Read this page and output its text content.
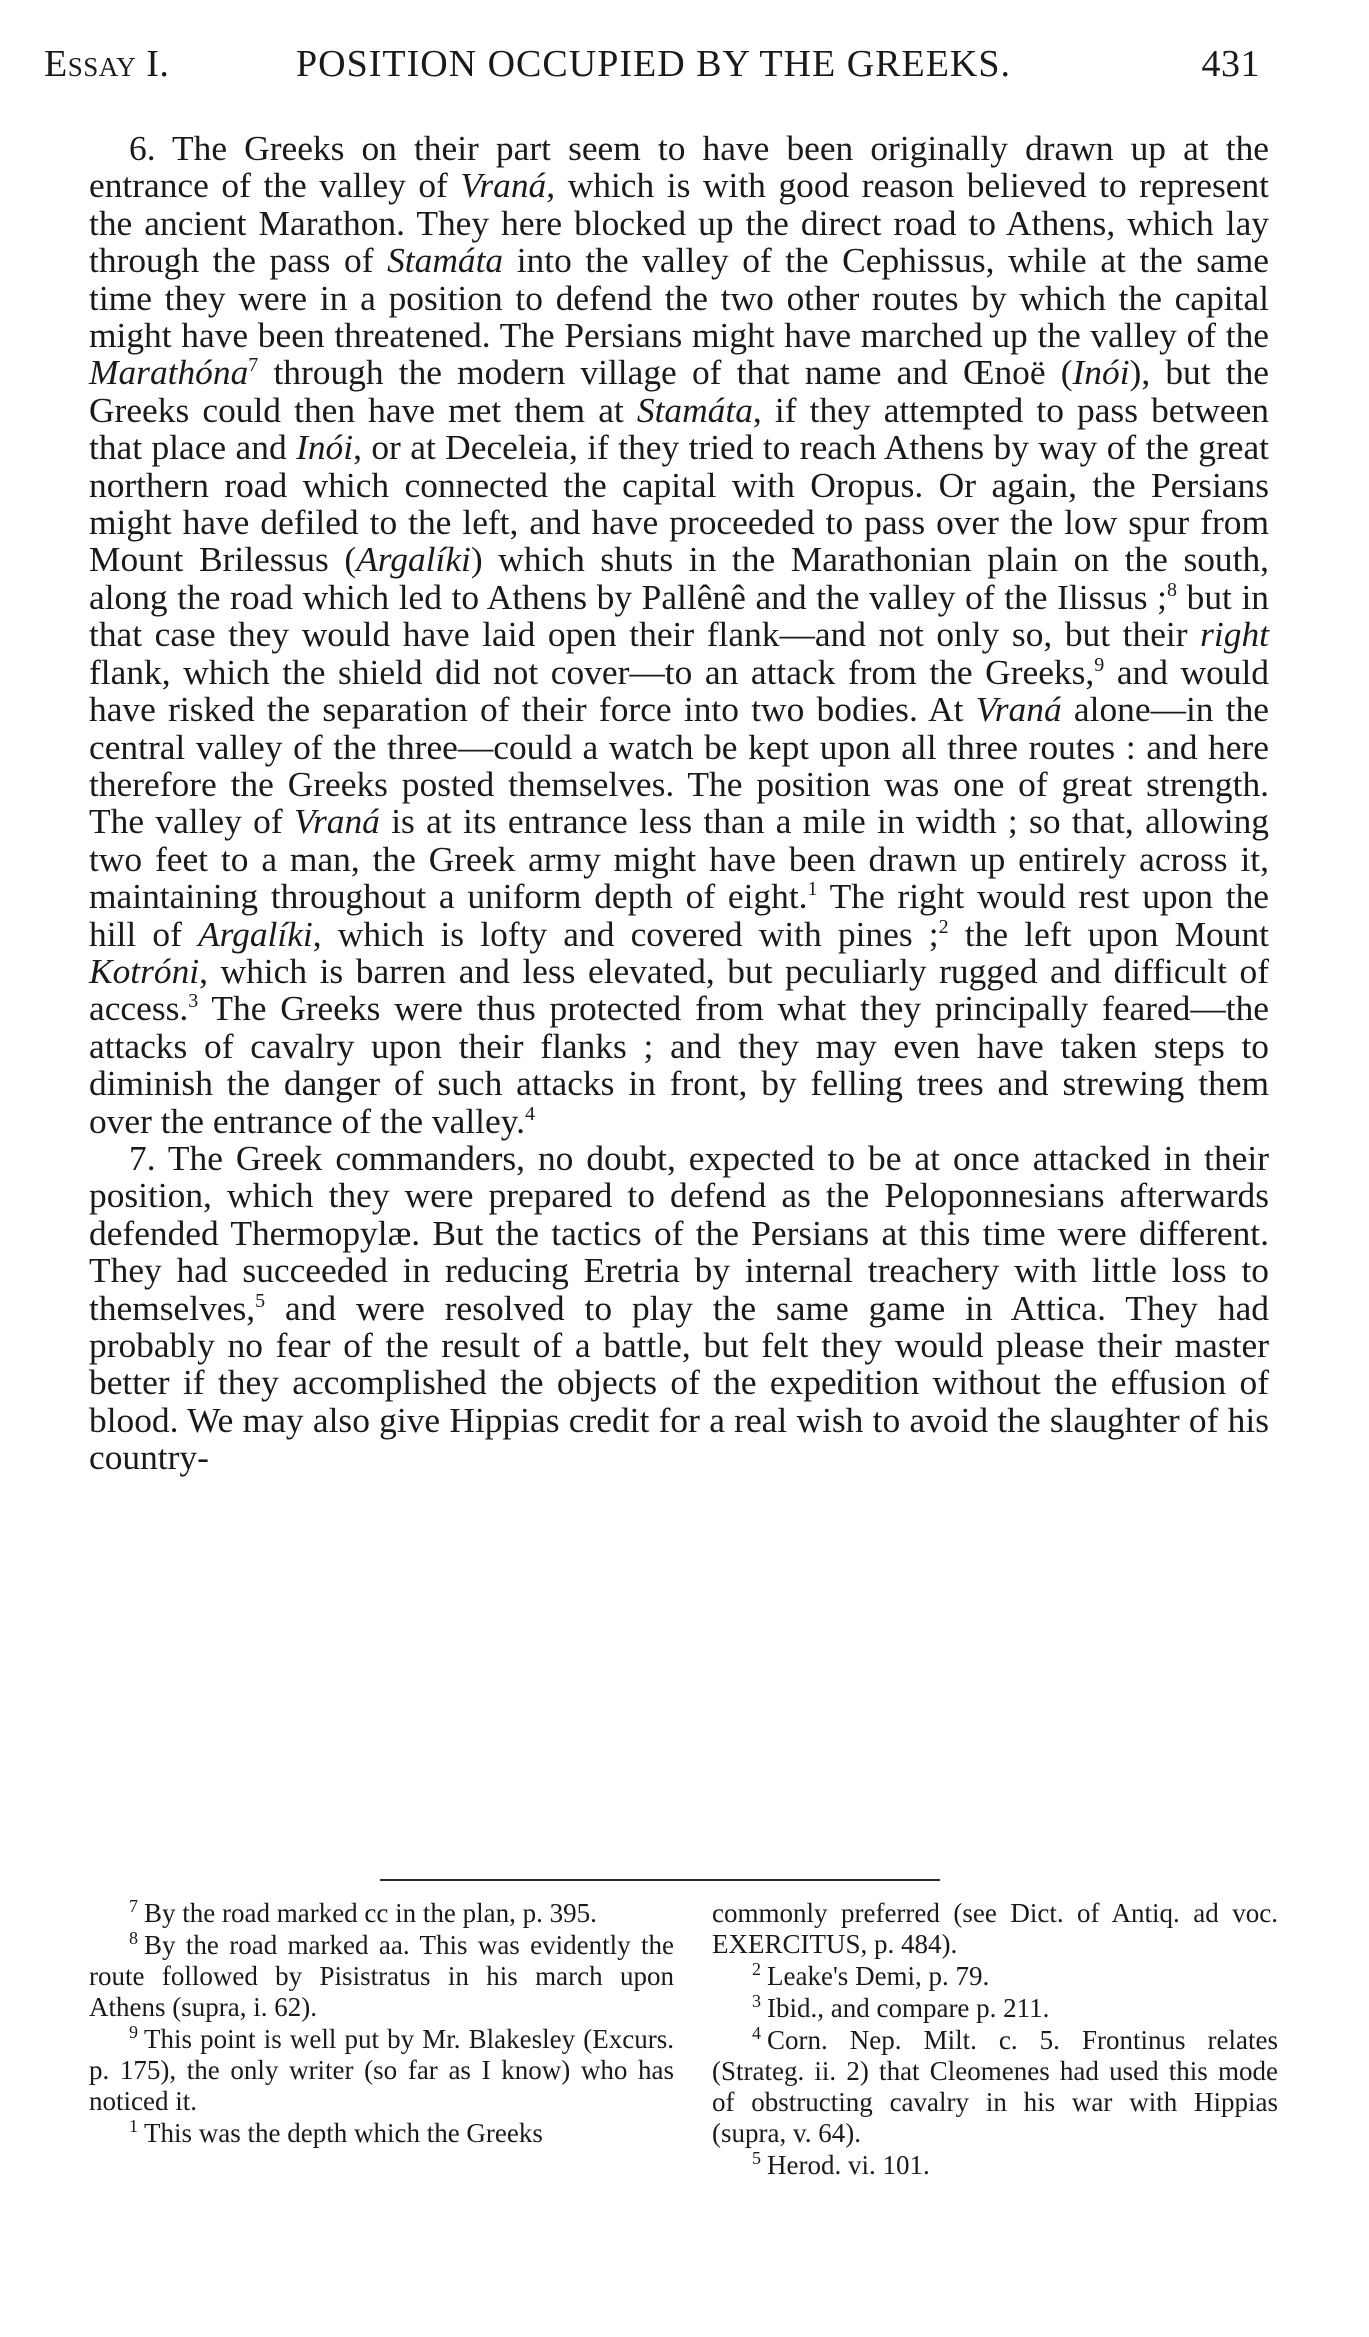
Essay I.	POSITION OCCUPIED BY THE GREEKS.	431

6. The Greeks on their part seem to have been originally drawn up at the entrance of the valley of Vraná, which is with good reason believed to represent the ancient Marathon. They here blocked up the direct road to Athens, which lay through the pass of Stamáta into the valley of the Cephissus, while at the same time they were in a position to defend the two other routes by which the capital might have been threatened. The Persians might have marched up the valley of the Marathóna$^7$ through the modern village of that name and Œnoë (Inói), but the Greeks could then have met them at Stamáta, if they attempted to pass between that place and Inói, or at Deceleia, if they tried to reach Athens by way of the great northern road which connected the capital with Oropus. Or again, the Persians might have defiled to the left, and have proceeded to pass over the low spur from Mount Brilessus (Argalíki) which shuts in the Marathonian plain on the south, along the road which led to Athens by Pallênê and the valley of the Ilissus ;$^8$ but in that case they would have laid open their flank—and not only so, but their right flank, which the shield did not cover—to an attack from the Greeks,$^9$ and would have risked the separation of their force into two bodies. At Vraná alone—in the central valley of the three—could a watch be kept upon all three routes : and here therefore the Greeks posted themselves. The position was one of great strength. The valley of Vraná is at its entrance less than a mile in width ; so that, allowing two feet to a man, the Greek army might have been drawn up entirely across it, maintaining throughout a uniform depth of eight.$^1$ The right would rest upon the hill of Argalíki, which is lofty and covered with pines ;$^2$ the left upon Mount Kotróni, which is barren and less elevated, but peculiarly rugged and difficult of access.$^3$ The Greeks were thus protected from what they principally feared—the attacks of cavalry upon their flanks ; and they may even have taken steps to diminish the danger of such attacks in front, by felling trees and strewing them over the entrance of the valley.$^4$

7. The Greek commanders, no doubt, expected to be at once attacked in their position, which they were prepared to defend as the Peloponnesians afterwards defended Thermopylæ. But the tactics of the Persians at this time were different. They had succeeded in reducing Eretria by internal treachery with little loss to themselves,$^5$ and were resolved to play the same game in Attica. They had probably no fear of the result of a battle, but felt they would please their master better if they accomplished the objects of the expedition without the effusion of blood. We may also give Hippias credit for a real wish to avoid the slaughter of his country-

$^7$ By the road marked cc in the plan, p. 395.

$^8$ By the road marked aa. This was evidently the route followed by Pisistratus in his march upon Athens (supra, i. 62).

$^9$ This point is well put by Mr. Blakesley (Excurs. p. 175), the only writer (so far as I know) who has noticed it.

$^1$ This was the depth which the Greeks

commonly preferred (see Dict. of Antiq. ad voc. EXERCITUS, p. 484).

$^2$ Leake's Demi, p. 79.

$^3$ Ibid., and compare p. 211.

$^4$ Corn. Nep. Milt. c. 5. Frontinus relates (Strateg. ii. 2) that Cleomenes had used this mode of obstructing cavalry in his war with Hippias (supra, v. 64).

$^5$ Herod. vi. 101.
